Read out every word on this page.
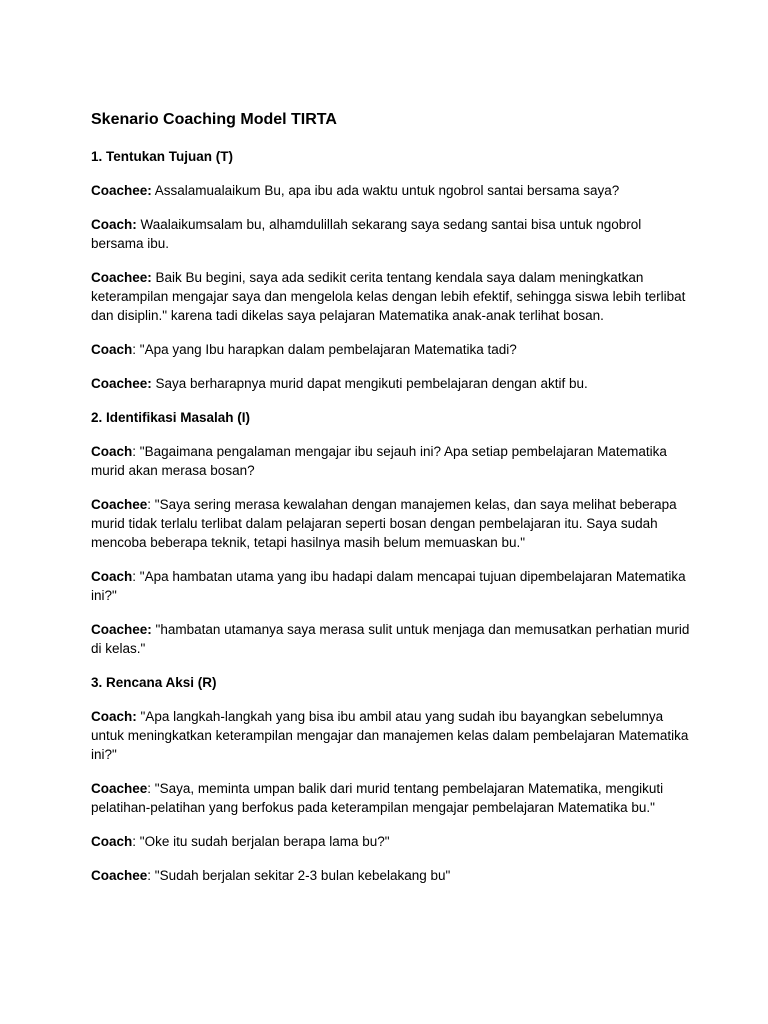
Skenario Coaching Model TIRTA
1. Tentukan Tujuan (T)

Coachee: Assalamualaikum Bu, apa ibu ada waktu untuk ngobrol santai bersama saya?

Coach: Waalaikumsalam bu, alhamdulillah sekarang saya sedang santai bisa untuk ngobrol bersama ibu.

Coachee: Baik Bu begini, saya ada sedikit cerita tentang kendala saya dalam meningkatkan keterampilan mengajar saya dan mengelola kelas dengan lebih efektif, sehingga siswa lebih terlibat dan disiplin." karena tadi dikelas saya pelajaran Matematika anak-anak terlihat bosan.

Coach: "Apa yang Ibu harapkan dalam pembelajaran Matematika tadi?

Coachee: Saya berharapnya murid dapat mengikuti pembelajaran dengan aktif bu.

2. Identifikasi Masalah (I)

Coach: "Bagaimana pengalaman mengajar ibu sejauh ini? Apa setiap pembelajaran Matematika murid akan merasa bosan?

Coachee: "Saya sering merasa kewalahan dengan manajemen kelas, dan saya melihat beberapa murid tidak terlalu terlibat dalam pelajaran seperti bosan dengan pembelajaran itu. Saya sudah mencoba beberapa teknik, tetapi hasilnya masih belum memuaskan bu."

Coach: "Apa hambatan utama yang ibu hadapi dalam mencapai tujuan dipembelajaran Matematika ini?"

Coachee: "hambatan utamanya saya merasa sulit untuk menjaga dan memusatkan perhatian murid di kelas."

3. Rencana Aksi (R)

Coach: "Apa langkah-langkah yang bisa ibu ambil atau yang sudah ibu bayangkan sebelumnya untuk meningkatkan keterampilan mengajar dan manajemen kelas dalam pembelajaran Matematika ini?"

Coachee: "Saya, meminta umpan balik dari murid tentang pembelajaran Matematika, mengikuti pelatihan-pelatihan yang berfokus pada keterampilan mengajar pembelajaran Matematika bu."

Coach: "Oke itu sudah berjalan berapa lama bu?"

Coachee: "Sudah berjalan sekitar 2-3 bulan kebelakang bu"
